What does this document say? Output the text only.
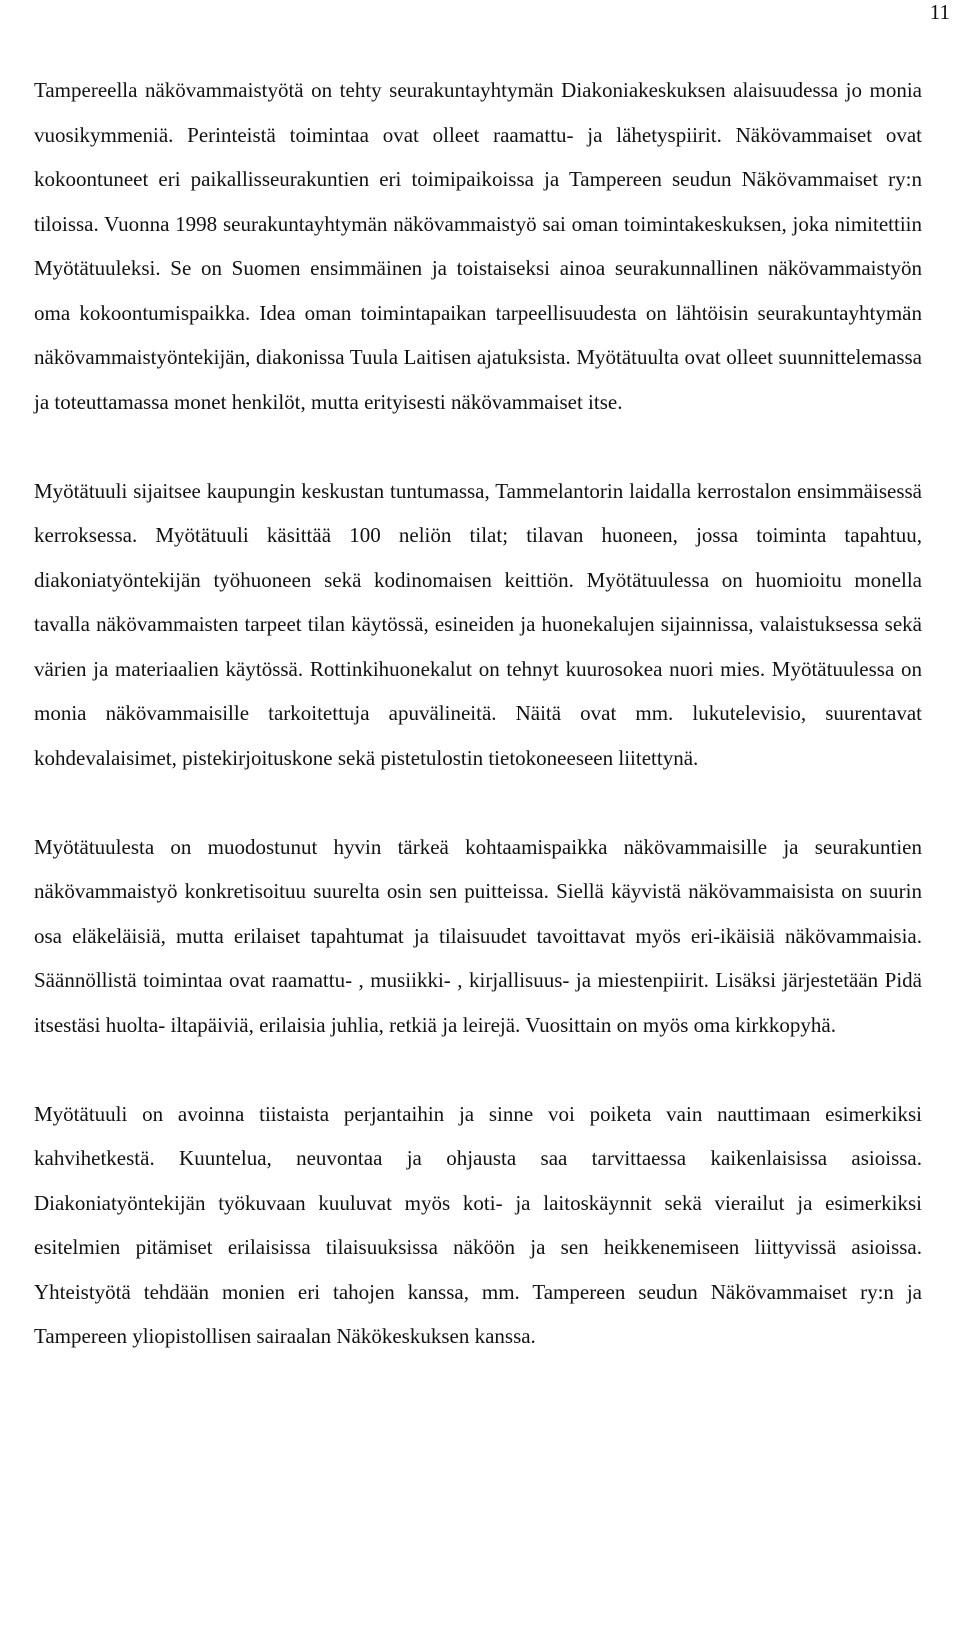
11

Tampereella näkövammaistyötä on tehty seurakuntayhtymän Diakoniakeskuksen alaisuudessa jo monia vuosikymmeniä. Perinteistä toimintaa ovat olleet raamattu- ja lähetyspiirit. Näkövammaiset ovat kokoontuneet eri paikallisseurakuntien eri toimipaikoissa ja Tampereen seudun Näkövammaiset ry:n tiloissa. Vuonna 1998 seurakuntayhtymän näkövammaistyö sai oman toimintakeskuksen, joka nimitettiin Myötätuuleksi. Se on Suomen ensimmäinen ja toistaiseksi ainoa seurakunnallinen näkövammaistyön oma kokoontumispaikka. Idea oman toimintapaikan tarpeellisuudesta on lähtöisin seurakuntayhtymän näkövammaistyöntekijän, diakonissa Tuula Laitisen ajatuksista. Myötätuulta ovat olleet suunnittelemassa ja toteuttamassa monet henkilöt, mutta erityisesti näkövammaiset itse.

Myötätuuli sijaitsee kaupungin keskustan tuntumassa, Tammelantorin laidalla kerrostalon ensimmäisessä kerroksessa. Myötätuuli käsittää 100 neliön tilat; tilavan huoneen, jossa toiminta tapahtuu, diakoniatyöntekijän työhuoneen sekä kodinomaisen keittiön. Myötätuulessa on huomioitu monella tavalla näkövammaisten tarpeet tilan käytössä, esineiden ja huonekalujen sijainnissa, valaistuksessa sekä värien ja materiaalien käytössä. Rottinkihuonekalut on tehnyt kuurosokea nuori mies. Myötätuulessa on monia näkövammaisille tarkoitettuja apuvälineitä. Näitä ovat mm. lukutelevisio, suurentavat kohdevalaisimet, pistekirjoituskone sekä pistetulostin tietokoneeseen liitettynä.

Myötätuulesta on muodostunut hyvin tärkeä kohtaamispaikka näkövammaisille ja seurakuntien näkövammaistyö konkretisoituu suurelta osin sen puitteissa. Siellä käyvistä näkövammaisista on suurin osa eläkeläisiä, mutta erilaiset tapahtumat ja tilaisuudet tavoittavat myös eri-ikäisiä näkövammaisia. Säännöllistä toimintaa ovat raamattu- , musiikki- , kirjallisuus- ja miestenpiirit. Lisäksi järjestetään Pidä itsestäsi huolta- iltapäiviä, erilaisia juhlia, retkiä ja leirejä. Vuosittain on myös oma kirkkopyhä.

Myötätuuli on avoinna tiistaista perjantaihin ja sinne voi poiketa vain nauttimaan esimerkiksi kahvihetkestä. Kuuntelua, neuvontaa ja ohjausta saa tarvittaessa kaikenlaisissa asioissa. Diakoniatyöntekijän työkuvaan kuuluvat myös koti- ja laitoskäynnit sekä vierailut ja esimerkiksi esitelmien pitämiset erilaisissa tilaisuuksissa näköön ja sen heikkenemiseen liittyvissä asioissa. Yhteistyötä tehdään monien eri tahojen kanssa, mm. Tampereen seudun Näkövammaiset ry:n ja Tampereen yliopistollisen sairaalan Näkökeskuksen kanssa.
